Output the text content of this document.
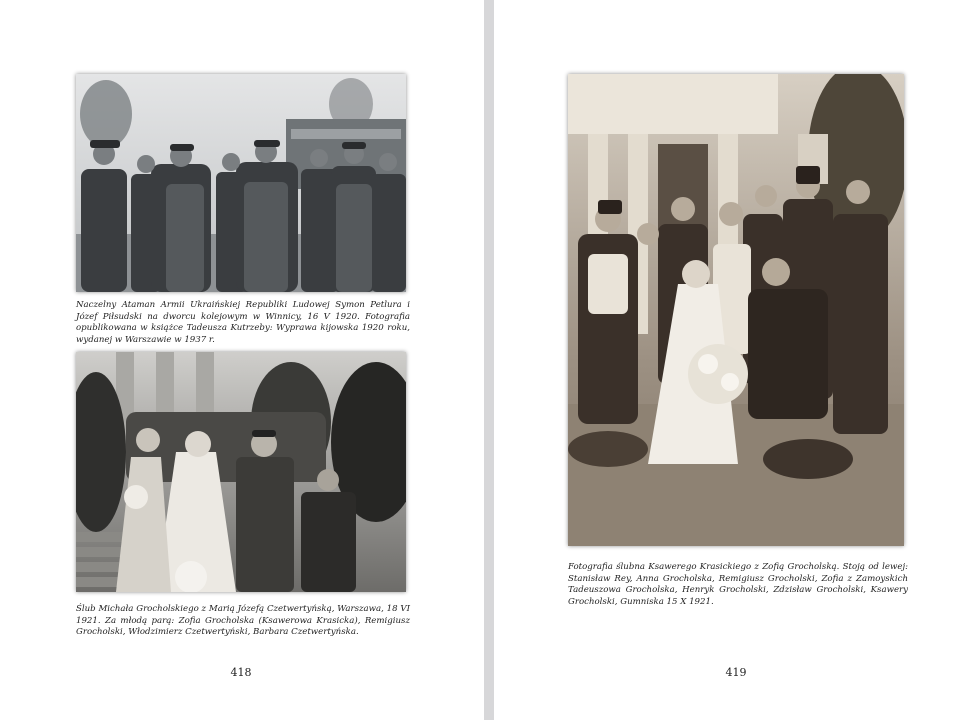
Naczelny Ataman Armii Ukraińskiej Republiki Ludowej Symon Petlura i Józef Piłsudski na dworcu kolejowym w Winnicy, 16 V 1920. Fotografia opublikowana w książce Tadeusza Kutrzeby: Wyprawa kijowska 1920 roku, wydanej w Warszawie w 1937 r.

Ślub Michała Grocholskiego z Marią Józefą Czetwertyńską, Warszawa, 18 VI 1921. Za młodą parą: Zofia Grocholska (Ksawerowa Krasicka), Remigiusz Grocholski, Włodzimierz Czetwertyński, Barbara Czetwertyńska.

418

Fotografia ślubna Ksawerego Krasickiego z Zofią Grocholską. Stoją od lewej: Stanisław Rey, Anna Grocholska, Remigiusz Grocholski, Zofia z Zamoyskich Tadeuszowa Grocholska, Henryk Grocholski, Zdzisław Grocholski, Ksawery Grocholski, Gumniska 15 X 1921.

419
